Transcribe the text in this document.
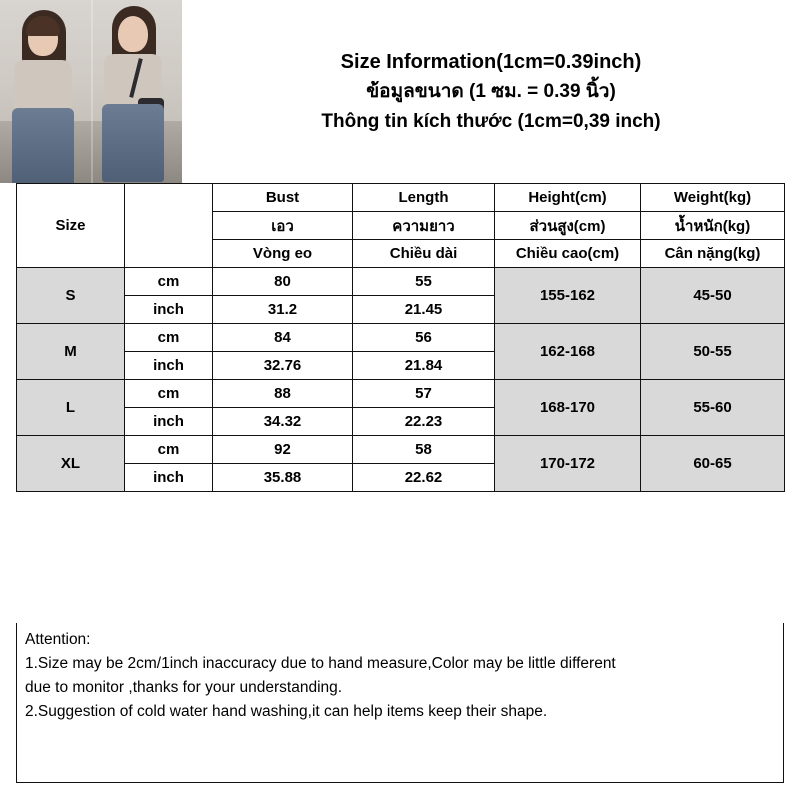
Size Information(1cm=0.39inch)
ข้อมูลขนาด (1 ซม. = 0.39 นิ้ว)
Thông tin kích thước (1cm=0,39 inch)
Size		Bust	Length	Height(cm)	Weight(kg)
		เอว	ความยาว	ส่วนสูง(cm)	น้ำหนัก(kg)
		Vòng eo	Chiều dài	Chiều cao(cm)	Cân nặng(kg)
S	cm	80	55	155-162	45-50
	inch	31.2	21.45		
M	cm	84	56	162-168	50-55
	inch	32.76	21.84		
L	cm	88	57	168-170	55-60
	inch	34.32	22.23		
XL	cm	92	58	170-172	60-65
	inch	35.88	22.62		

Attention:

1.Size may be 2cm/1inch inaccuracy due to hand measure,Color may be little different

due to monitor ,thanks for your understanding.

2.Suggestion of cold water hand washing,it can help items keep their shape.
